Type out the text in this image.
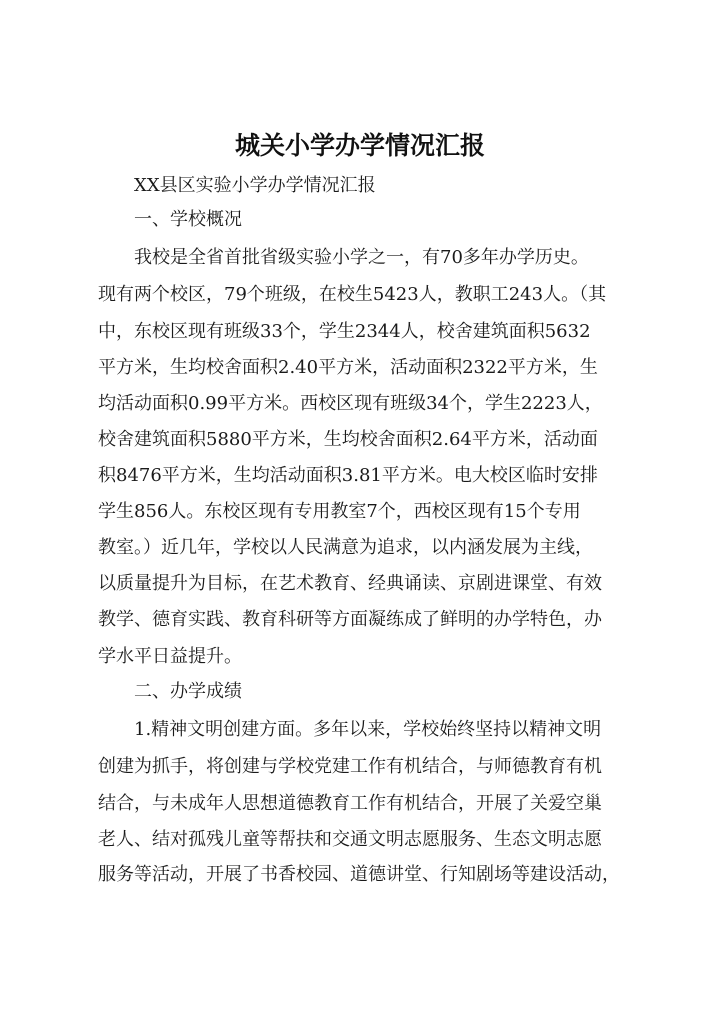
城关小学办学情况汇报
XX县区实验小学办学情况汇报
一、学校概况
我校是全省首批省级实验小学之一，有70多年办学历史。
现有两个校区，79个班级，在校生5423人，教职工243人。（其
中，东校区现有班级33个，学生2344人，校舍建筑面积5632
平方米，生均校舍面积2.40平方米，活动面积2322平方米，生
均活动面积0.99平方米。西校区现有班级34个，学生2223人，
校舍建筑面积5880平方米，生均校舍面积2.64平方米，活动面
积8476平方米，生均活动面积3.81平方米。电大校区临时安排
学生856人。东校区现有专用教室7个，西校区现有15个专用
教室。）近几年，学校以人民满意为追求，以内涵发展为主线，
以质量提升为目标，在艺术教育、经典诵读、京剧进课堂、有效
教学、德育实践、教育科研等方面凝练成了鲜明的办学特色，办
学水平日益提升。
二、办学成绩
1.精神文明创建方面。多年以来，学校始终坚持以精神文明
创建为抓手，将创建与学校党建工作有机结合，与师德教育有机
结合，与未成年人思想道德教育工作有机结合，开展了关爱空巢
老人、结对孤残儿童等帮扶和交通文明志愿服务、生态文明志愿
服务等活动，开展了书香校园、道德讲堂、行知剧场等建设活动，
